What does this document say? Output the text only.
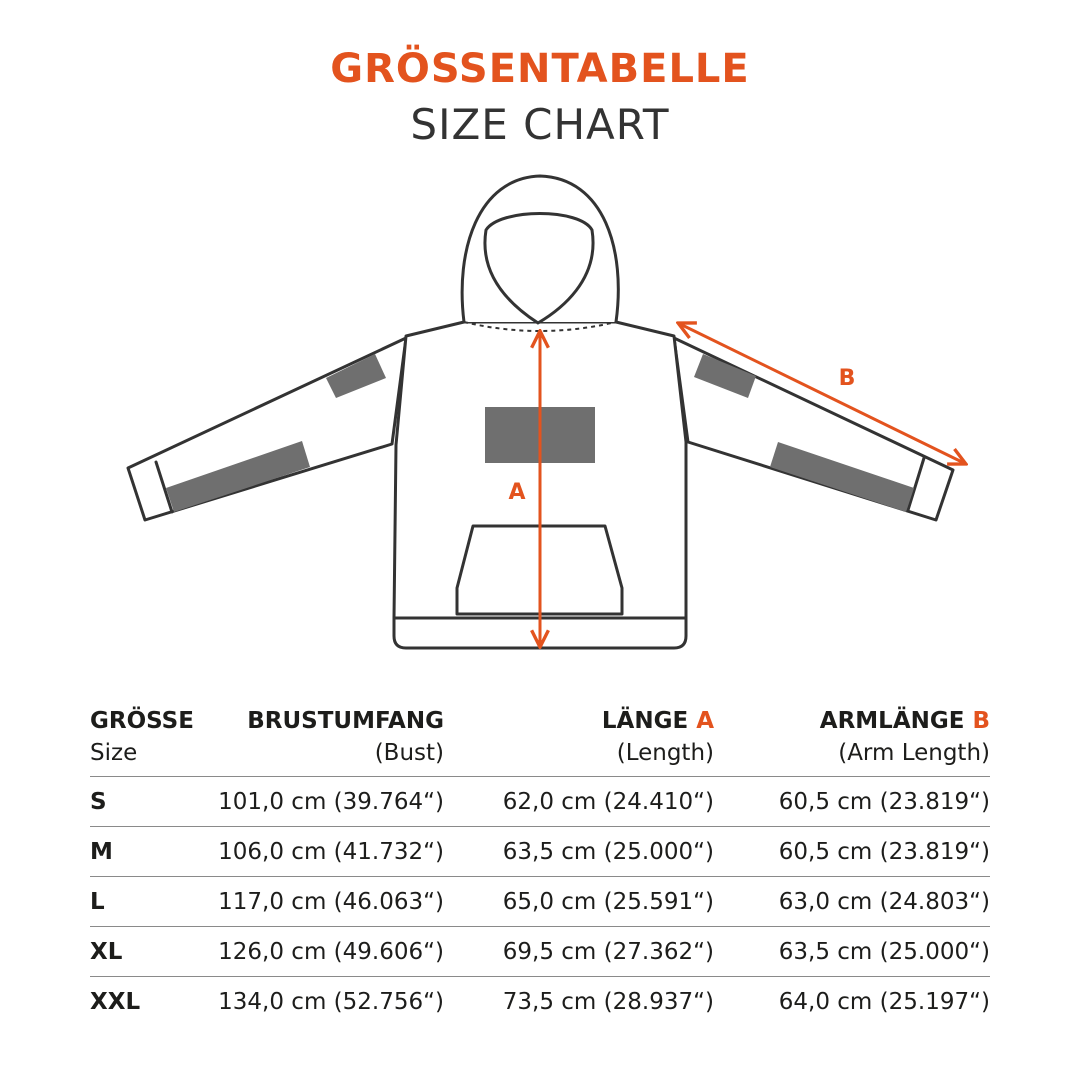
GRÖSSENTABELLE
SIZE CHART
A
B
GRÖSSE	BRUSTUMFANG	LÄNGE A	ARMLÄNGE B
Size	(Bust)	(Length)	(Arm Length)
S	101,0 cm (39.764“)	62,0 cm (24.410“)	60,5 cm (23.819“)
M	106,0 cm (41.732“)	63,5 cm (25.000“)	60,5 cm (23.819“)
L	117,0 cm (46.063“)	65,0 cm (25.591“)	63,0 cm (24.803“)
XL	126,0 cm (49.606“)	69,5 cm (27.362“)	63,5 cm (25.000“)
XXL	134,0 cm (52.756“)	73,5 cm (28.937“)	64,0 cm (25.197“)
